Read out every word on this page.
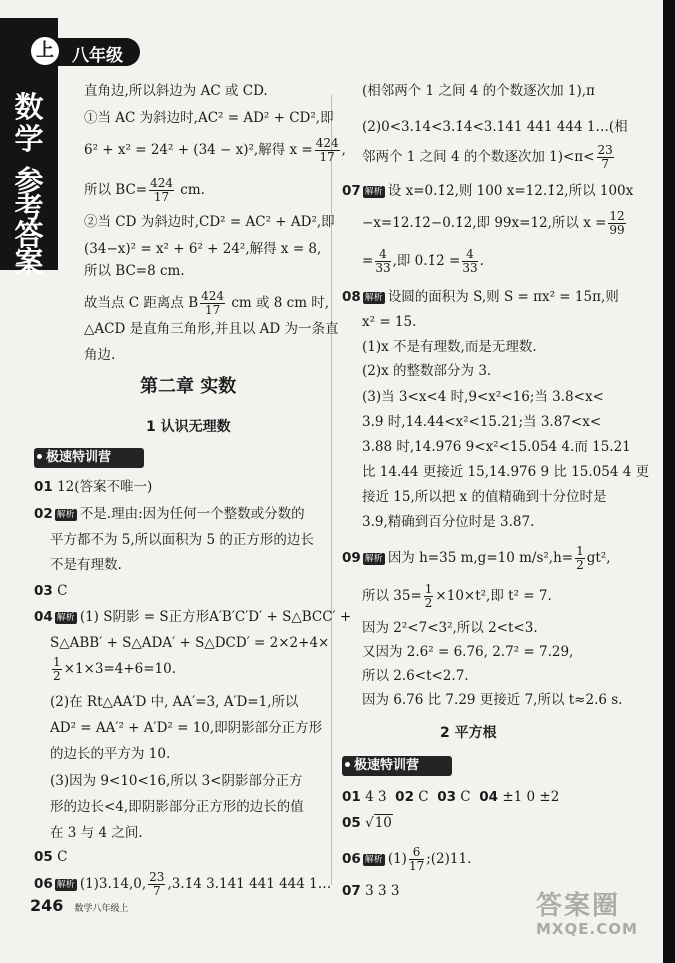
数
学
参
考
答
案
上	八年级
直角边,所以斜边为 AC 或 CD.
①当 AC 为斜边时,AC² = AD² + CD²,即
6² + x² = 24² + (34 − x)²,解得 $x = \frac{424}{17}$ ,
所以 $BC= \frac{424}{17}$ cm.
②当 CD 为斜边时,CD² = AC² + AD²,即
(34−x)² = x² + 6² + 24²,解得 x = 8,
所以 BC=8 cm.
故当点 C 距离点 B $\frac{424}{17}$ cm 或 8 cm 时,
△ACD 是直角三角形,并且以 AD 为一条直
角边.
第二章 实数
1 认识无理数
极速特训营
01 12(答案不唯一)
02 解析 不是.理由:因为任何一个整数或分数的
平方都不为 5,所以面积为 5 的正方形的边长
不是有理数.
03 C
04 解析 (1) S阴影 = S正方形A′B′C′D′ + S△BCC′ +
S△ABB′ + S△ADA′ + S△DCD′ = 2×2+4×
$\frac{1}{2} \times 1\times 3=4+6=10$.
(2)在 Rt△AA′D 中, AA′=3, A′D=1,所以
AD² = AA′² + A′D² = 10,即阴影部分正方形
的边长的平方为 10.
(3)因为 9<10<16,所以 3<阴影部分正方
形的边长<4,即阴影部分正方形的边长的值
在 3 与 4 之间.
05 C
06 解析 (1)3.14,0, $\frac{23}{7}$ ,3.1̇4̇ 3.141 441 444 1…
(相邻两个 1 之间 4 的个数逐次加 1),π
(2)0<3.14<3.1̇4̇<3.141 441 444 1…(相
邻两个 1 之间 4 的个数逐次加 $1)<\pi< \frac{23}{7}$
07 解析 设 x=0.1̇2̇,则 100 x=12.1̇2̇,所以 100x
−x=12.1̇2̇−0.1̇2̇,即 99x=12,所以 $x = \frac{12}{99}$
= $\frac{4}{33}$ ,即 0.1̇2̇ = $\frac{4}{33}$ .
08 解析 设圆的面积为 S,则 S = πx² = 15π,则
x² = 15.
(1)x 不是有理数,而是无理数.
(2)x 的整数部分为 3.
(3)当 3<x<4 时,9<x²<16;当 3.8<x<
3.9 时,14.44<x²<15.21;当 3.87<x<
3.88 时,14.976 9<x²<15.054 4.而 15.21
比 14.44 更接近 15,14.976 9 比 15.054 4 更
接近 15,所以把 x 的值精确到十分位时是
3.9,精确到百分位时是 3.87.
09 解析 因为 h=35 m,g=10 $m/s^2,h= \frac{1}{2} gt^2$,
所以 $35= \frac{1}{2} \times 10\times t^2$,即 t² = 7.
因为 2²<7<3²,所以 2<t<3.
又因为 2.6² = 6.76, 2.7² = 7.29,
所以 2.6<t<2.7.
因为 6.76 比 7.29 更接近 7,所以 t≈2.6 s.
2 平方根
极速特训营
01 4 3 02 C 03 C 04 ±1 0 ±2
05 √10
06 解析 $(1) \frac{6}{17}$ ;(2)11.
07 3 3 3
246 数学八年级上	答案圈
MXQE.COM
